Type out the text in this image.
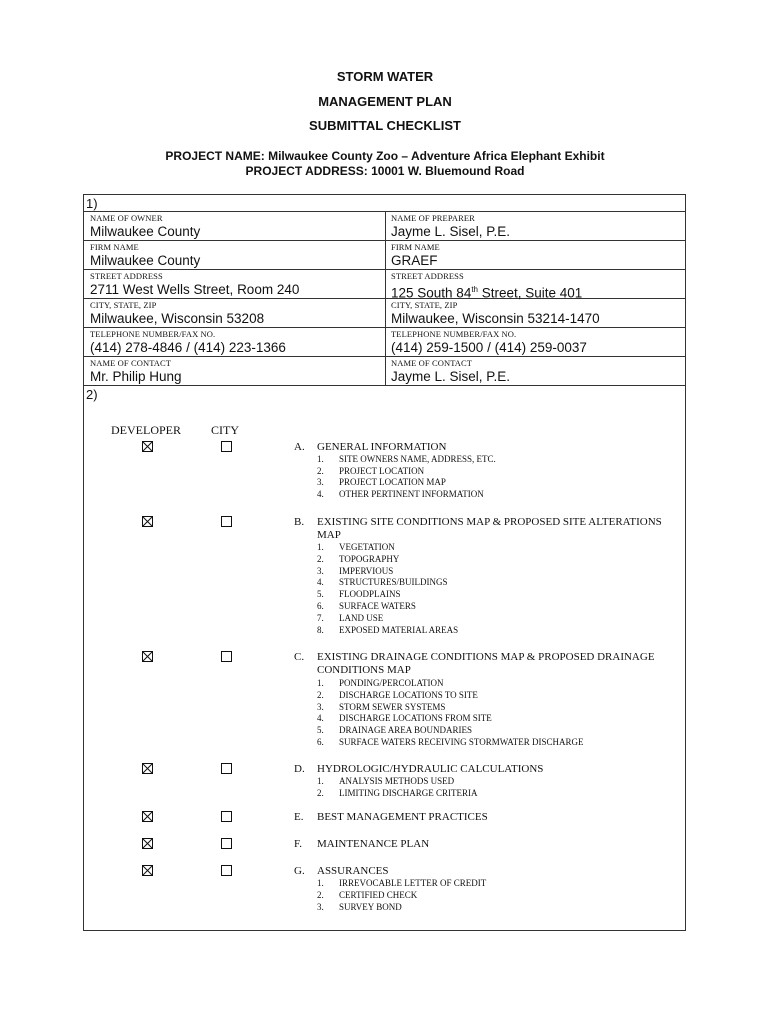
STORM WATER
MANAGEMENT PLAN
SUBMITTAL CHECKLIST
PROJECT NAME: Milwaukee County Zoo – Adventure Africa Elephant Exhibit
PROJECT ADDRESS: 10001 W. Bluemound Road
1)
NAME OF OWNER
Milwaukee County
NAME OF PREPARER
Jayme L. Sisel, P.E.
FIRM NAME
Milwaukee County
FIRM NAME
GRAEF
STREET ADDRESS
2711 West Wells Street, Room 240
STREET ADDRESS
125 South 84th Street, Suite 401
CITY, STATE, ZIP
Milwaukee, Wisconsin 53208
CITY, STATE, ZIP
Milwaukee, Wisconsin 53214-1470
TELEPHONE NUMBER/FAX NO.
(414) 278-4846 / (414) 223-1366
TELEPHONE NUMBER/FAX NO.
(414) 259-1500 / (414) 259-0037
NAME OF CONTACT
Mr. Philip Hung
NAME OF CONTACT
Jayme L. Sisel, P.E.
2)
DEVELOPER	CITY
A. GENERAL INFORMATION
1. SITE OWNERS NAME, ADDRESS, ETC.
2. PROJECT LOCATION
3. PROJECT LOCATION MAP
4. OTHER PERTINENT INFORMATION
B. EXISTING SITE CONDITIONS MAP & PROPOSED SITE ALTERATIONS MAP
1. VEGETATION
2. TOPOGRAPHY
3. IMPERVIOUS
4. STRUCTURES/BUILDINGS
5. FLOODPLAINS
6. SURFACE WATERS
7. LAND USE
8. EXPOSED MATERIAL AREAS
C. EXISTING DRAINAGE CONDITIONS MAP & PROPOSED DRAINAGE CONDITIONS MAP
1. PONDING/PERCOLATION
2. DISCHARGE LOCATIONS TO SITE
3. STORM SEWER SYSTEMS
4. DISCHARGE LOCATIONS FROM SITE
5. DRAINAGE AREA BOUNDARIES
6. SURFACE WATERS RECEIVING STORMWATER DISCHARGE
D. HYDROLOGIC/HYDRAULIC CALCULATIONS
1. ANALYSIS METHODS USED
2. LIMITING DISCHARGE CRITERIA
E. BEST MANAGEMENT PRACTICES
F. MAINTENANCE PLAN
G. ASSURANCES
1. IRREVOCABLE LETTER OF CREDIT
2. CERTIFIED CHECK
3. SURVEY BOND
